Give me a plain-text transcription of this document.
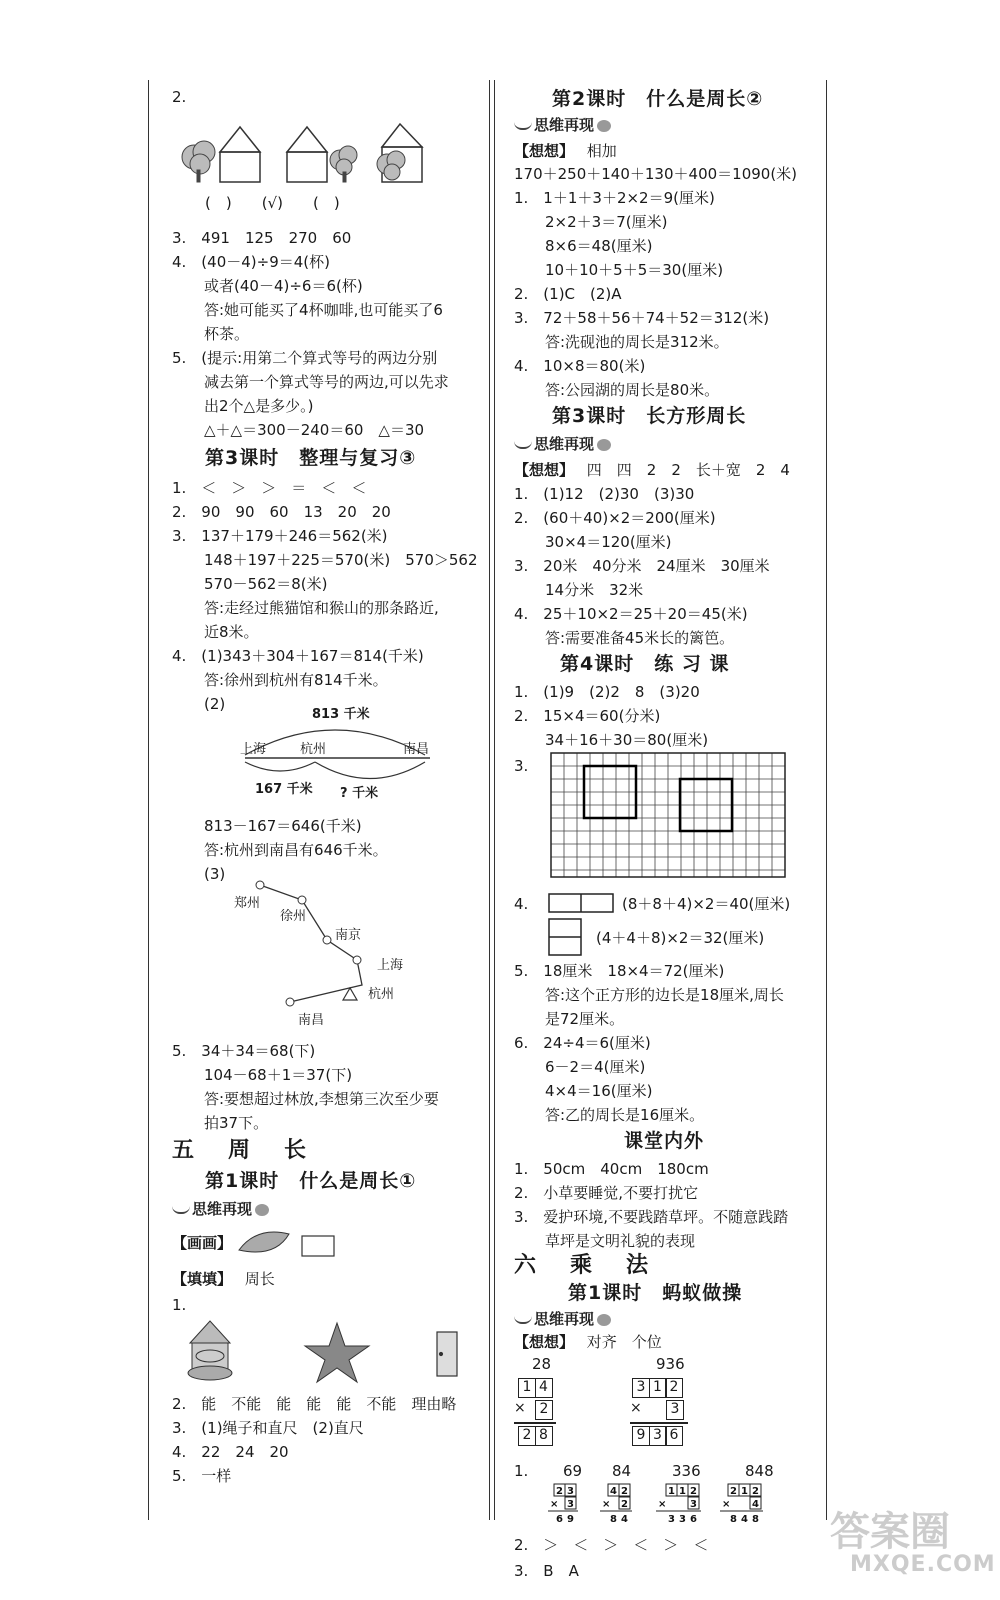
2.
(　)　　(√)　　(　)
3.　491　125　270　60
4.　(40－4)÷9＝4(杯)
或者(40－4)÷6＝6(杯)
答:她可能买了4杯咖啡,也可能买了6
杯茶。
5.　(提示:用第二个算式等号的两边分别
减去第一个算式等号的两边,可以先求
出2个△是多少。)
△＋△＝300－240＝60　△＝30
第3课时　整理与复习③
1.　＜　＞　＞　＝　＜　＜
2.　90　90　60　13　20　20
3.　137＋179＋246＝562(米)
148＋197＋225＝570(米)　570＞562
570－562＝8(米)
答:走经过熊猫馆和猴山的那条路近,
近8米。
4.　(1)343＋304＋167＝814(千米)
答:徐州到杭州有814千米。
(2)
813 千米
上海	杭州	南昌
167 千米 ? 千米
813－167＝646(千米)
答:杭州到南昌有646千米。
(3)
郑州
徐州
南京
上海
杭州
南昌
5.　34＋34＝68(下)
104－68＋1＝37(下)
答:要想超过林放,李想第三次至少要
拍37下。
五　周　长
第1课时　什么是周长①
思维再现
【画画】
【填填】 周长
1.
2.　能　不能　能　能　能　不能　理由略
3.　(1)绳子和直尺　(2)直尺
4.　22　24　20
5.　一样
第2课时　什么是周长②
思维再现
【想想】 相加
170＋250＋140＋130＋400＝1090(米)
1.　1＋1＋3＋2×2＝9(厘米)
2×2＋3＝7(厘米)
8×6＝48(厘米)
10＋10＋5＋5＝30(厘米)
2.　(1)C　(2)A
3.　72＋58＋56＋74＋52＝312(米)
答:洗砚池的周长是312米。
4.　10×8＝80(米)
答:公园湖的周长是80米。
第3课时　长方形周长
思维再现
【想想】 四　四　2　2　长＋宽　2　4
1.　(1)12　(2)30　(3)30
2.　(60＋40)×2＝200(厘米)
30×4＝120(厘米)
3.　20米　40分米　24厘米　30厘米
14分米　32米
4.　25＋10×2＝25＋20＝45(米)
答:需要准备45米长的篱笆。
第4课时　练 习 课
1.　(1)9　(2)2　8　(3)20
2.　15×4＝60(分米)
34＋16＋30＝80(厘米)
3.
4.	(8＋8＋4)×2＝40(厘米)
(4＋4＋8)×2＝32(厘米)
5.　18厘米　18×4＝72(厘米)
答:这个正方形的边长是18厘米,周长
是72厘米。
6.　24÷4＝6(厘米)
6－2＝4(厘米)
4×4＝16(厘米)
答:乙的周长是16厘米。
课堂内外
1.　50cm　40cm　180cm
2.　小草要睡觉,不要打扰它
3.　爱护环境,不要践踏草坪。不随意践踏
草坪是文明礼貌的表现
六　乘　法
第1课时　蚂蚁做操
思维再现
【想想】 对齐　个位
28	936
1 4
× 2
2 8
3 1 2
×	3
9 3 6
1. 69 84	336	848
2 3
× 3
6 9
4 2
× 2
8 4
1 1 2
× 3
3 3 6
2 1 2
× 4
8 4 8
2.　＞　＜　＞　＜　＞　＜
3.　B　A
答案圈
MXQE.COM
